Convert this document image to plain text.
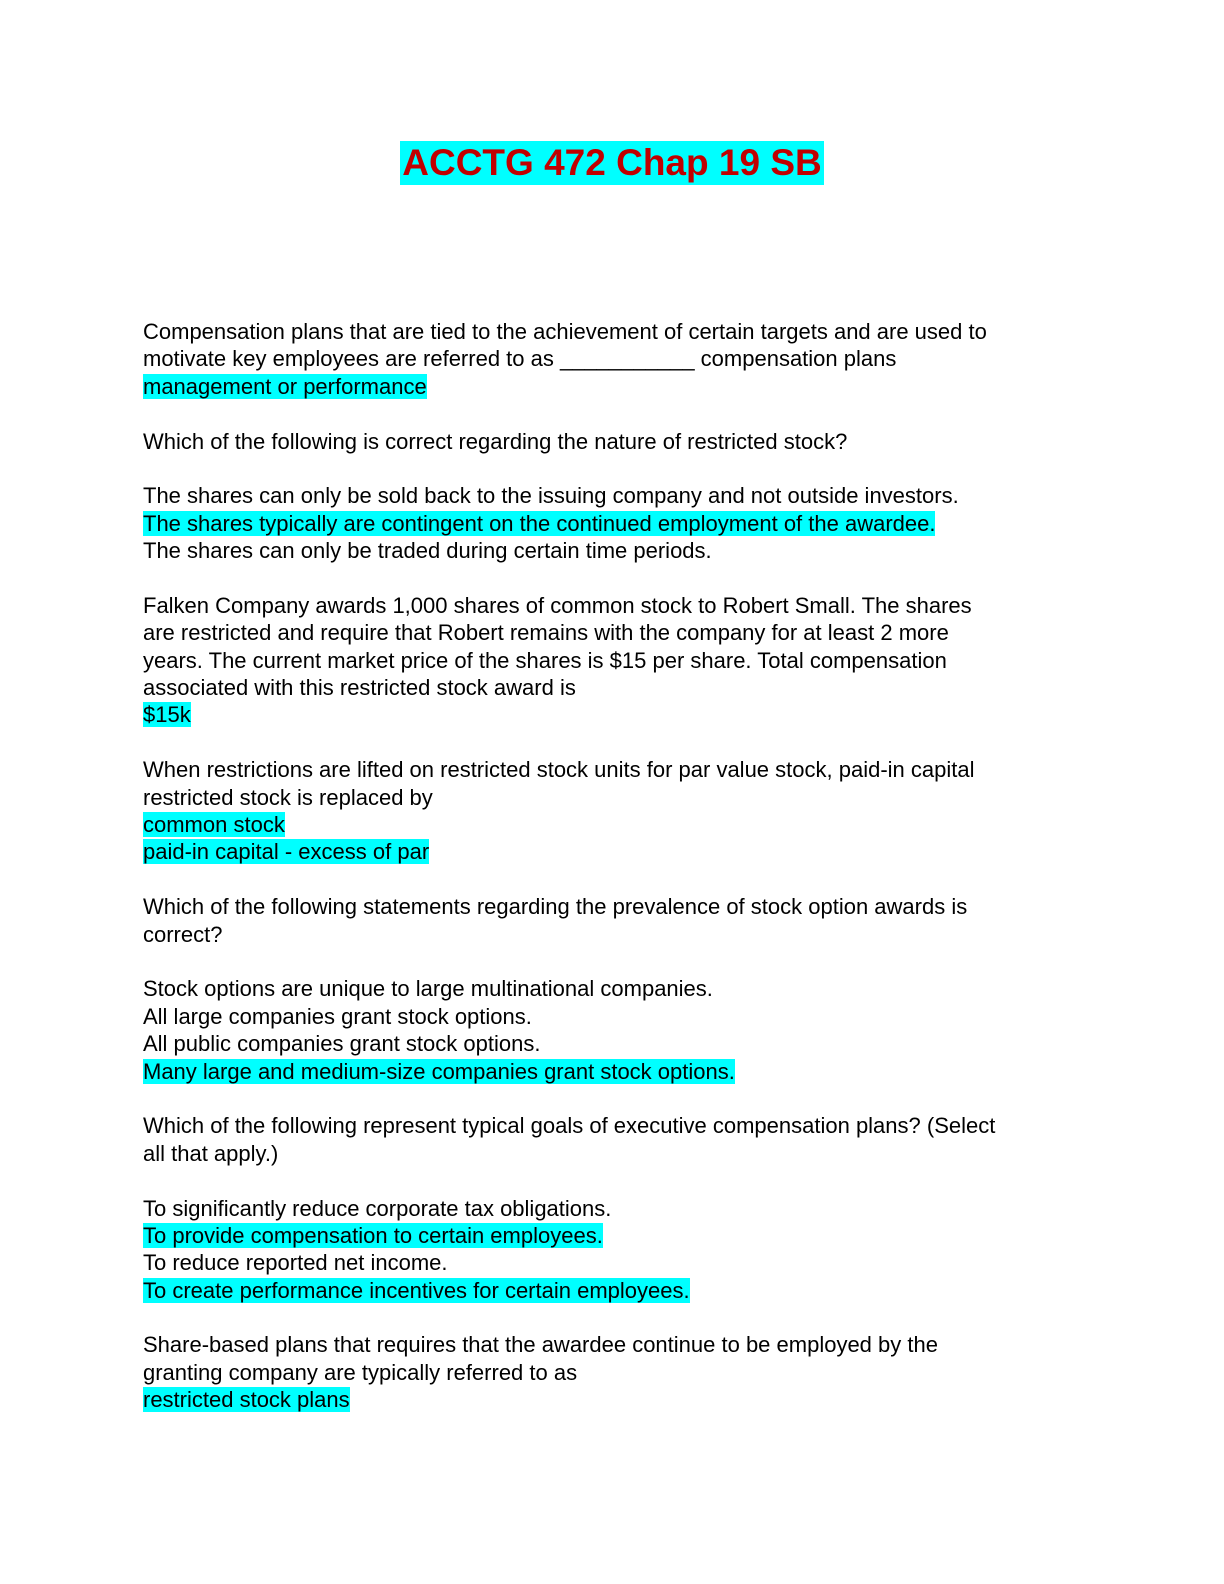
ACCTG 472 Chap 19 SB
Compensation plans that are tied to the achievement of certain targets and are used to
motivate key employees are referred to as ___________ compensation plans
management or performance
Which of the following is correct regarding the nature of restricted stock?
The shares can only be sold back to the issuing company and not outside investors.
The shares typically are contingent on the continued employment of the awardee.
The shares can only be traded during certain time periods.
Falken Company awards 1,000 shares of common stock to Robert Small. The shares
are restricted and require that Robert remains with the company for at least 2 more
years. The current market price of the shares is $15 per share. Total compensation
associated with this restricted stock award is
$15k
When restrictions are lifted on restricted stock units for par value stock, paid-in capital
restricted stock is replaced by
common stock
paid-in capital - excess of par
Which of the following statements regarding the prevalence of stock option awards is
correct?
Stock options are unique to large multinational companies.
All large companies grant stock options.
All public companies grant stock options.
Many large and medium-size companies grant stock options.
Which of the following represent typical goals of executive compensation plans? (Select
all that apply.)
To significantly reduce corporate tax obligations.
To provide compensation to certain employees.
To reduce reported net income.
To create performance incentives for certain employees.
Share-based plans that requires that the awardee continue to be employed by the
granting company are typically referred to as
restricted stock plans
